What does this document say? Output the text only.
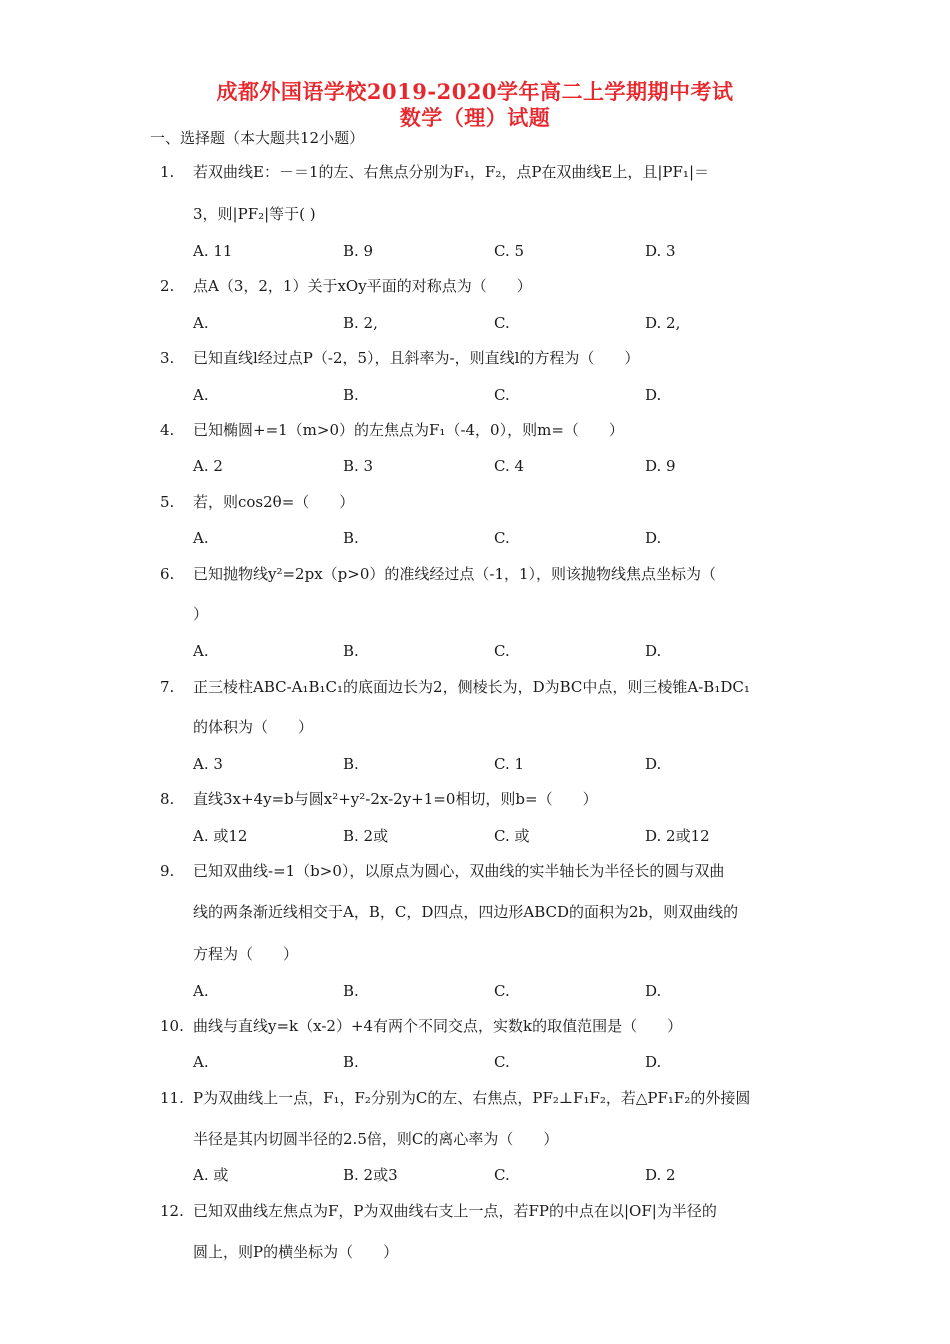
成都外国语学校2019-2020学年高二上学期期中考试
数学（理）试题
一、选择题（本大题共12小题）
1. 若双曲线E：－＝1的左、右焦点分别为F₁，F₂，点P在双曲线E上，且|PF₁|＝
3，则|PF₂|等于( )
A. 11	B. 9	C. 5	D. 3
2. 点A（3，2，1）关于xOy平面的对称点为（　　）
A.	B. 2,	C.	D. 2,
3. 已知直线l经过点P（-2，5），且斜率为-，则直线l的方程为（　　）
A.	B.	C.	D.
4. 已知椭圆+=1（m>0）的左焦点为F₁（-4，0），则m=（　　）
A. 2	B. 3	C. 4	D. 9
5. 若，则cos2θ=（　　）
A.	B.	C.	D.
6. 已知抛物线y²=2px（p>0）的准线经过点（-1，1），则该抛物线焦点坐标为（
）
A.	B.	C.	D.
7. 正三棱柱ABC-A₁B₁C₁的底面边长为2，侧棱长为，D为BC中点，则三棱锥A-B₁DC₁
的体积为（　　）
A. 3	B.	C. 1	D.
8. 直线3x+4y=b与圆x²+y²-2x-2y+1=0相切，则b=（　　）
A. 或12	B. 2或	C. 或	D. 2或12
9. 已知双曲线-=1（b>0），以原点为圆心，双曲线的实半轴长为半径长的圆与双曲
线的两条渐近线相交于A，B，C，D四点，四边形ABCD的面积为2b，则双曲线的
方程为（　　）
A.	B.	C.	D.
10. 曲线与直线y=k（x-2）+4有两个不同交点，实数k的取值范围是（　　）
A.	B.	C.	D.
11. P为双曲线上一点，F₁，F₂分别为C的左、右焦点，PF₂⊥F₁F₂，若△PF₁F₂的外接圆
半径是其内切圆半径的2.5倍，则C的离心率为（　　）
A. 或	B. 2或3	C.	D. 2
12. 已知双曲线左焦点为F，P为双曲线右支上一点，若FP的中点在以|OF|为半径的
圆上，则P的横坐标为（　　）
